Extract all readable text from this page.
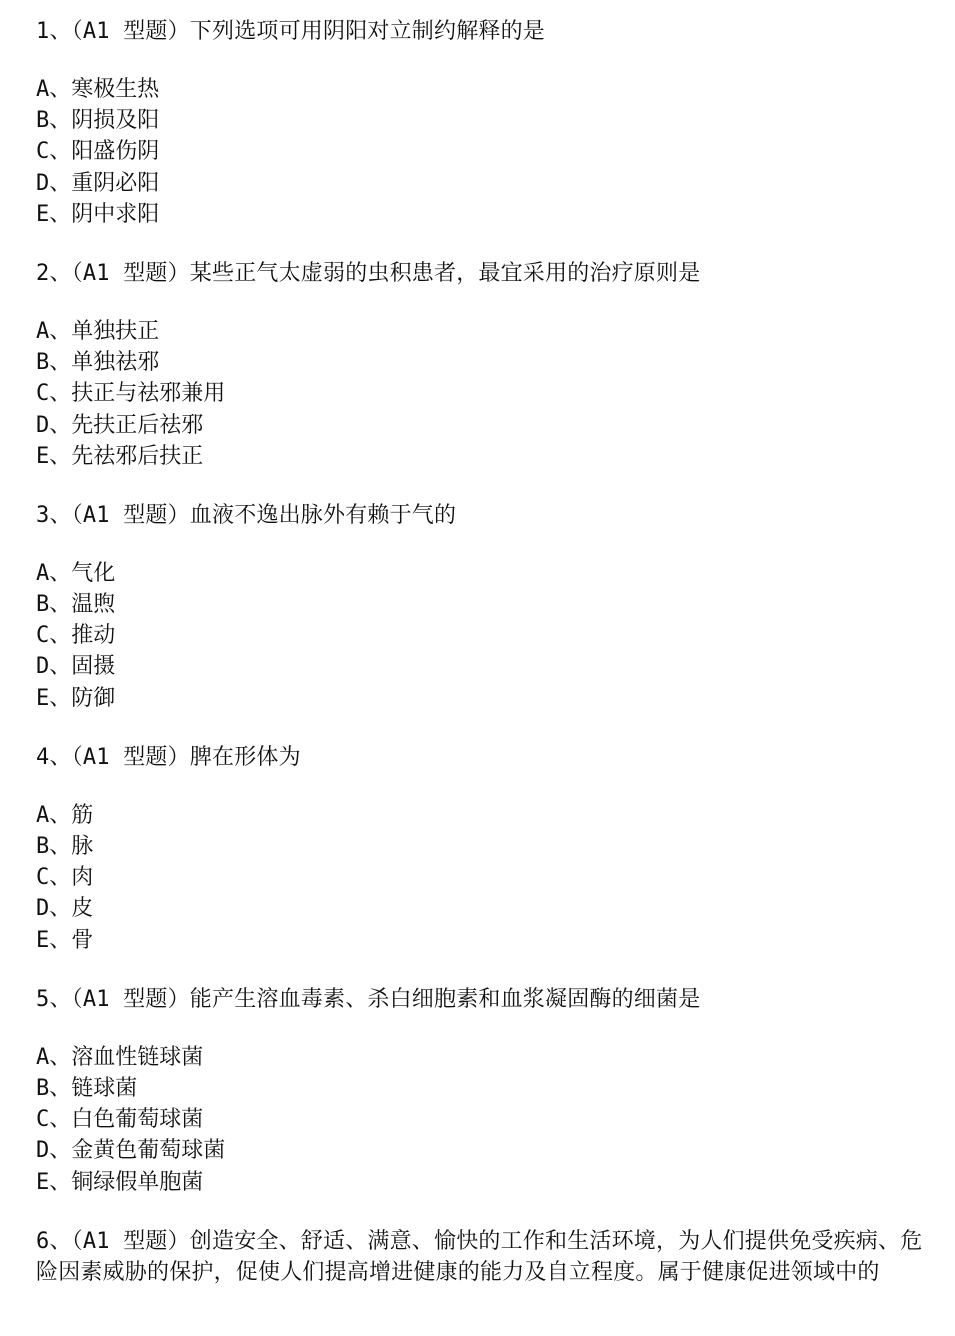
1、（A1 型题）下列选项可用阴阳对立制约解释的是

A、寒极生热
B、阴损及阳
C、阳盛伤阴
D、重阴必阳
E、阴中求阳

2、（A1 型题）某些正气太虚弱的虫积患者，最宜采用的治疗原则是

A、单独扶正
B、单独祛邪
C、扶正与祛邪兼用
D、先扶正后祛邪
E、先祛邪后扶正

3、（A1 型题）血液不逸出脉外有赖于气的

A、气化
B、温煦
C、推动
D、固摄
E、防御

4、（A1 型题）脾在形体为

A、筋
B、脉
C、肉
D、皮
E、骨

5、（A1 型题）能产生溶血毒素、杀白细胞素和血浆凝固酶的细菌是

A、溶血性链球菌
B、链球菌
C、白色葡萄球菌
D、金黄色葡萄球菌
E、铜绿假单胞菌

6、（A1 型题）创造安全、舒适、满意、愉快的工作和生活环境，为人们提供免受疾病、危险因素威胁的保护，促使人们提高增进健康的能力及自立程度。属于健康促进领域中的
